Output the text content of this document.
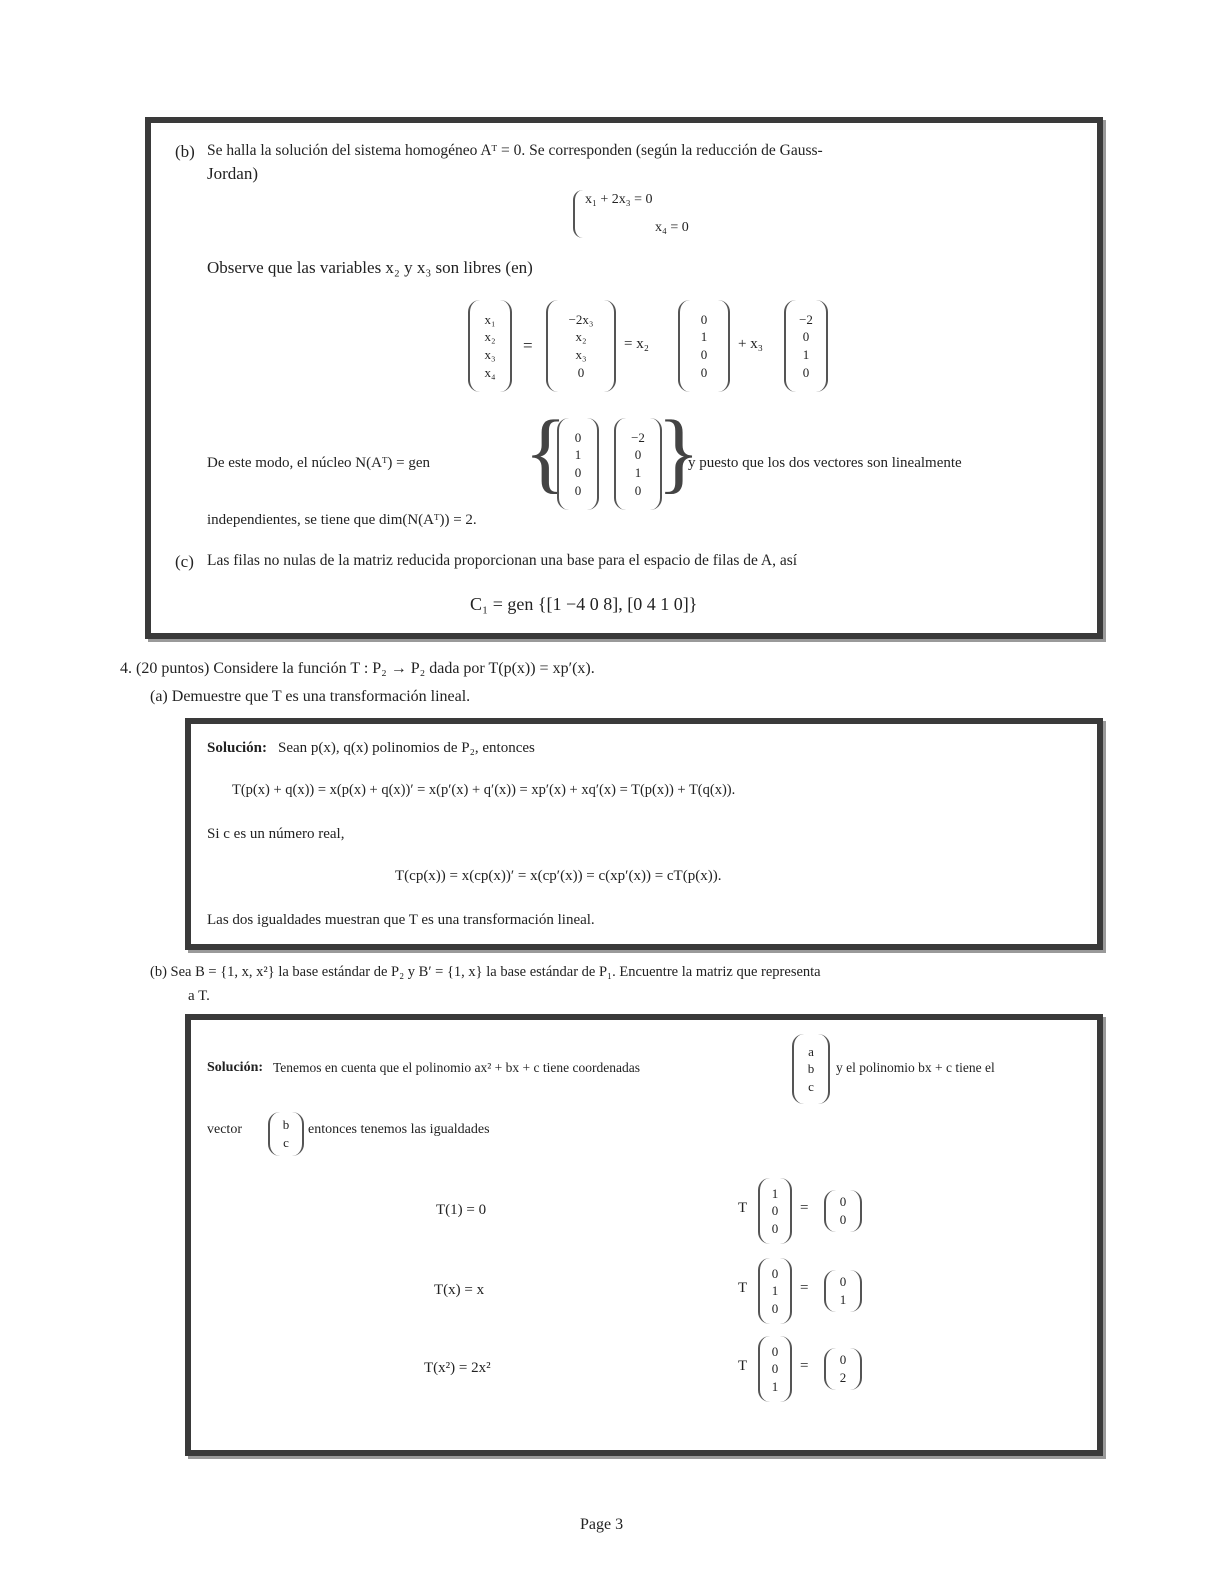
(b) Se halla la solución del sistema homogéneo Aᵀ = 0. Se corresponden (según la reducción de Gauss-
Jordan)
x₁ + 2x₃ = 0
x₄ = 0
Observe que las variables x₂ y x₃ son libres (en)
x₁
x₂
x₃
x₄
=
−2x₃
x₂
x₃
0
= x₂
0
1
0
0
+ x₃
−2
0
1
0
De este modo, el núcleo N(Aᵀ) = gen { 0
1
0
0
−2
0
1
0 }
y puesto que los dos vectores son linealmente
independientes, se tiene que dim(N(Aᵀ)) = 2.
(c) Las filas no nulas de la matriz reducida proporcionan una base para el espacio de filas de A, así
C₁ = gen {[1 −4 0 8], [0 4 1 0]}
4. (20 puntos) Considere la función T : P₂ → P₂ dada por T(p(x)) = xp′(x).
(a) Demuestre que T es una transformación lineal.
Solución: Sean p(x), q(x) polinomios de P₂, entonces
T(p(x) + q(x)) = x(p(x) + q(x))′ = x(p′(x) + q′(x)) = xp′(x) + xq′(x) = T(p(x)) + T(q(x)).
Si c es un número real,
T(cp(x)) = x(cp(x))′ = x(cp′(x)) = c(xp′(x)) = cT(p(x)).
Las dos igualdades muestran que T es una transformación lineal.
(b) Sea B = {1, x, x²} la base estándar de P₂ y B′ = {1, x} la base estándar de P₁. Encuentre la matriz que representa
a T.
Solución: Tenemos en cuenta que el polinomio ax² + bx + c tiene coordenadas
a
b
c
y el polinomio bx + c tiene el
vector	b
c
entonces tenemos las igualdades
T(1) = 0	T
1
0
0
= 0
0
T(x) = x	T
0
1
0
= 0
1
T(x²) = 2x²	T
0
0
1
= 0
2
Page 3
